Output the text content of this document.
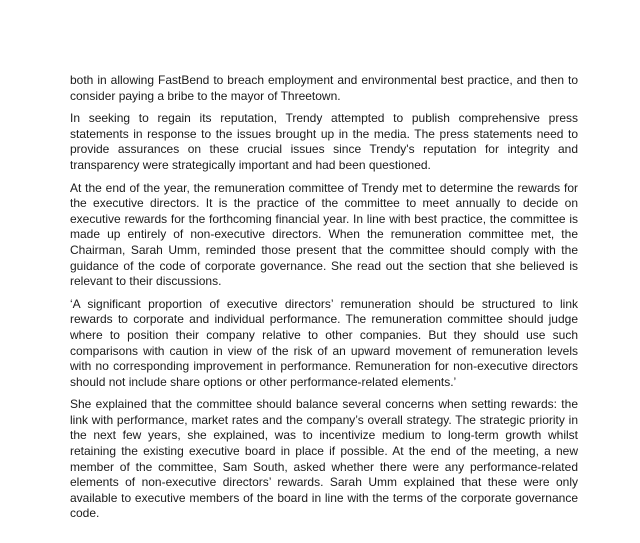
both in allowing FastBend to breach employment and environmental best practice, and then to consider paying a bribe to the mayor of Threetown.

In seeking to regain its reputation, Trendy attempted to publish comprehensive press statements in response to the issues brought up in the media. The press statements need to provide assurances on these crucial issues since Trendy's reputation for integrity and transparency were strategically important and had been questioned.

At the end of the year, the remuneration committee of Trendy met to determine the rewards for the executive directors. It is the practice of the committee to meet annually to decide on executive rewards for the forthcoming financial year. In line with best practice, the committee is made up entirely of non-executive directors. When the remuneration committee met, the Chairman, Sarah Umm, reminded those present that the committee should comply with the guidance of the code of corporate governance. She read out the section that she believed is relevant to their discussions.

‘A significant proportion of executive directors’ remuneration should be structured to link rewards to corporate and individual performance. The remuneration committee should judge where to position their company relative to other companies. But they should use such comparisons with caution in view of the risk of an upward movement of remuneration levels with no corresponding improvement in performance. Remuneration for non-executive directors should not include share options or other performance-related elements.’

She explained that the committee should balance several concerns when setting rewards: the link with performance, market rates and the company’s overall strategy. The strategic priority in the next few years, she explained, was to incentivize medium to long-term growth whilst retaining the existing executive board in place if possible. At the end of the meeting, a new member of the committee, Sam South, asked whether there were any performance-related elements of non-executive directors’ rewards. Sarah Umm explained that these were only available to executive members of the board in line with the terms of the corporate governance code.
